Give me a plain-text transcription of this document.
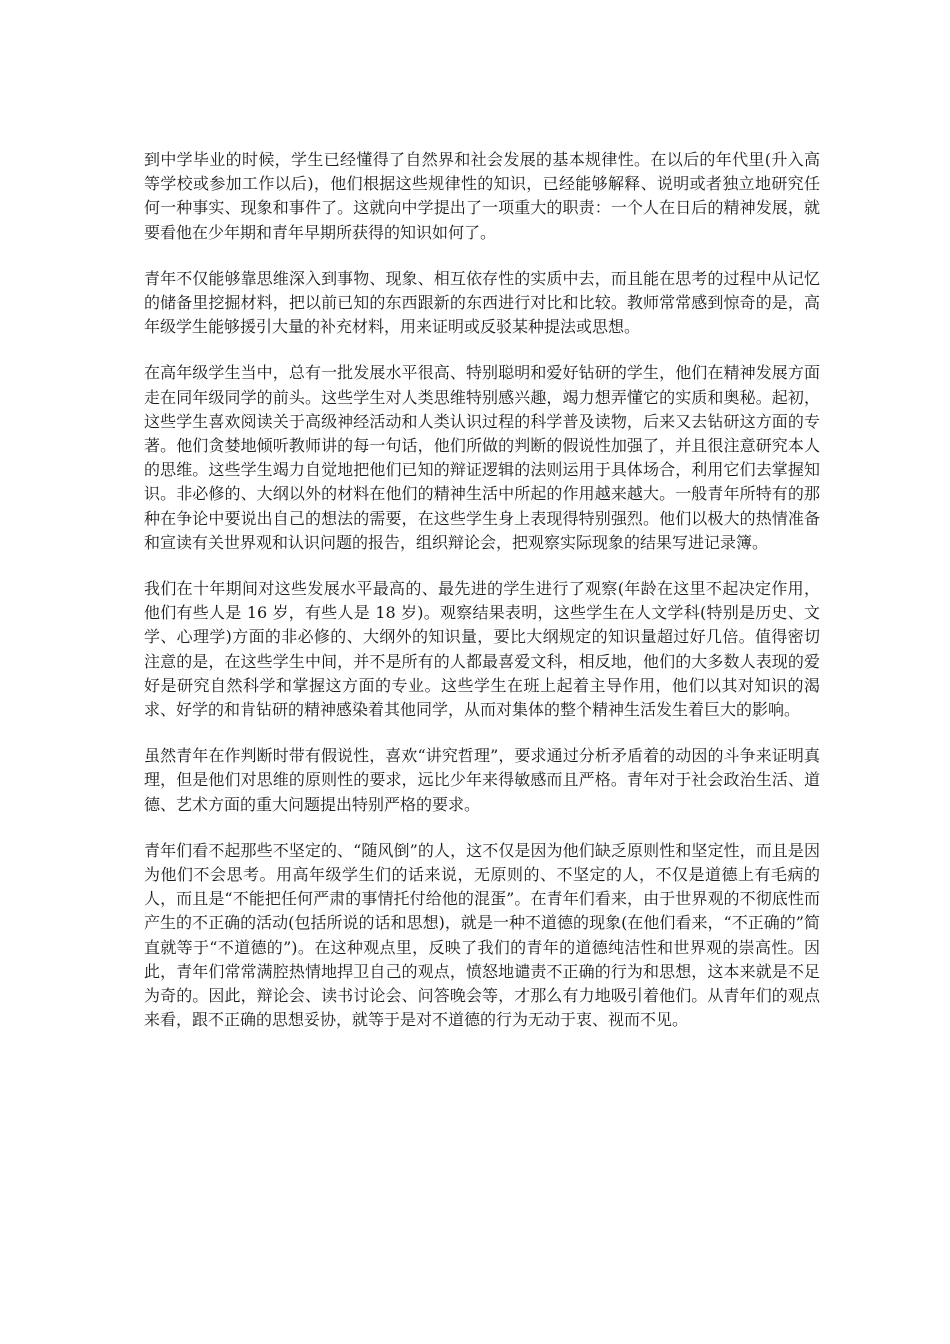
到中学毕业的时候，学生已经懂得了自然界和社会发展的基本规律性。在以后的年代里(升入高等学校或参加工作以后)，他们根据这些规律性的知识，已经能够解释、说明或者独立地研究任何一种事实、现象和事件了。这就向中学提出了一项重大的职责：一个人在日后的精神发展，就要看他在少年期和青年早期所获得的知识如何了。

青年不仅能够靠思维深入到事物、现象、相互依存性的实质中去，而且能在思考的过程中从记忆的储备里挖掘材料，把以前已知的东西跟新的东西进行对比和比较。教师常常感到惊奇的是，高年级学生能够援引大量的补充材料，用来证明或反驳某种提法或思想。

在高年级学生当中，总有一批发展水平很高、特别聪明和爱好钻研的学生，他们在精神发展方面走在同年级同学的前头。这些学生对人类思维特别感兴趣，竭力想弄懂它的实质和奥秘。起初，这些学生喜欢阅读关于高级神经活动和人类认识过程的科学普及读物，后来又去钻研这方面的专著。他们贪婪地倾听教师讲的每一句话，他们所做的判断的假说性加强了，并且很注意研究本人的思维。这些学生竭力自觉地把他们已知的辩证逻辑的法则运用于具体场合，利用它们去掌握知识。非必修的、大纲以外的材料在他们的精神生活中所起的作用越来越大。一般青年所特有的那种在争论中要说出自己的想法的需要，在这些学生身上表现得特别强烈。他们以极大的热情准备和宣读有关世界观和认识问题的报告，组织辩论会，把观察实际现象的结果写进记录簿。

我们在十年期间对这些发展水平最高的、最先进的学生进行了观察(年龄在这里不起决定作用，他们有些人是 16 岁，有些人是 18 岁)。观察结果表明，这些学生在人文学科(特别是历史、文学、心理学)方面的非必修的、大纲外的知识量，要比大纲规定的知识量超过好几倍。值得密切注意的是，在这些学生中间，并不是所有的人都最喜爱文科，相反地，他们的大多数人表现的爱好是研究自然科学和掌握这方面的专业。这些学生在班上起着主导作用，他们以其对知识的渴求、好学的和肯钻研的精神感染着其他同学，从而对集体的整个精神生活发生着巨大的影响。

虽然青年在作判断时带有假说性，喜欢“讲究哲理”，要求通过分析矛盾着的动因的斗争来证明真理，但是他们对思维的原则性的要求，远比少年来得敏感而且严格。青年对于社会政治生活、道德、艺术方面的重大问题提出特别严格的要求。

青年们看不起那些不坚定的、“随风倒”的人，这不仅是因为他们缺乏原则性和坚定性，而且是因为他们不会思考。用高年级学生们的话来说，无原则的、不坚定的人，不仅是道德上有毛病的人，而且是“不能把任何严肃的事情托付给他的混蛋”。在青年们看来，由于世界观的不彻底性而产生的不正确的活动(包括所说的话和思想)，就是一种不道德的现象(在他们看来，“不正确的”简直就等于“不道德的”)。在这种观点里，反映了我们的青年的道德纯洁性和世界观的崇高性。因此，青年们常常满腔热情地捍卫自己的观点，愤怒地谴责不正确的行为和思想，这本来就是不足为奇的。因此，辩论会、读书讨论会、问答晚会等，才那么有力地吸引着他们。从青年们的观点来看，跟不正确的思想妥协，就等于是对不道德的行为无动于衷、视而不见。
